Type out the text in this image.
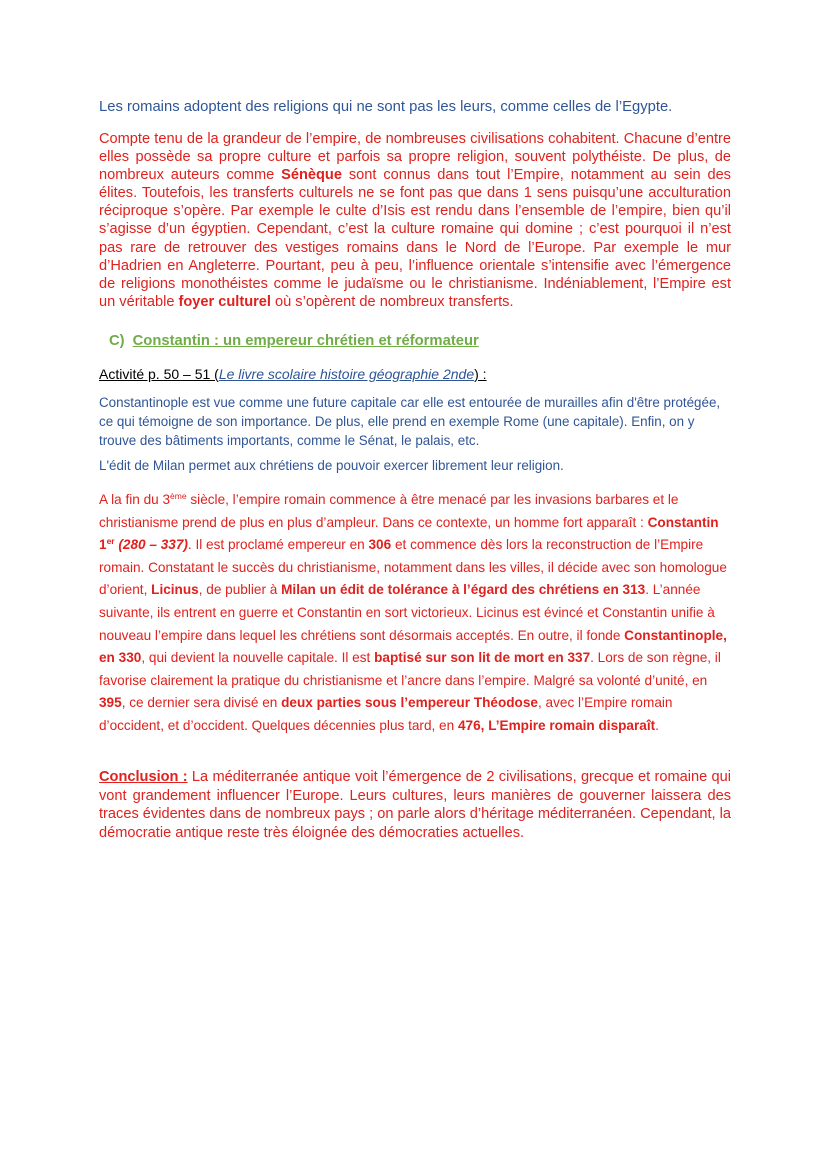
Les romains adoptent des religions qui ne sont pas les leurs, comme celles de l’Egypte.

Compte tenu de la grandeur de l’empire, de nombreuses civilisations cohabitent. Chacune d’entre elles possède sa propre culture et parfois sa propre religion, souvent polythéiste. De plus, de nombreux auteurs comme Sénèque sont connus dans tout l’Empire, notamment au sein des élites. Toutefois, les transferts culturels ne se font pas que dans 1 sens puisqu’une acculturation réciproque s’opère. Par exemple le culte d’Isis est rendu dans l’ensemble de l’empire, bien qu’il s’agisse d’un égyptien. Cependant, c’est la culture romaine qui domine ; c’est pourquoi il n’est pas rare de retrouver des vestiges romains dans le Nord de l’Europe. Par exemple le mur d’Hadrien en Angleterre. Pourtant, peu à peu, l’influence orientale s’intensifie avec l’émergence de religions monothéistes comme le judaïsme ou le christianisme. Indéniablement, l’Empire est un véritable foyer culturel où s’opèrent de nombreux transferts.

C) Constantin : un empereur chrétien et réformateur
Activité p. 50 – 51 (Le livre scolaire histoire géographie 2nde) :

Constantinople est vue comme une future capitale car elle est entourée de murailles afin d'être protégée, ce qui témoigne de son importance. De plus, elle prend en exemple Rome (une capitale). Enfin, on y trouve des bâtiments importants, comme le Sénat, le palais, etc.

L'édit de Milan permet aux chrétiens de pouvoir exercer librement leur religion.

A la fin du 3ème siècle, l’empire romain commence à être menacé par les invasions barbares et le christianisme prend de plus en plus d’ampleur. Dans ce contexte, un homme fort apparaît : Constantin 1er (280 – 337). Il est proclamé empereur en 306 et commence dès lors la reconstruction de l’Empire romain. Constatant le succès du christianisme, notamment dans les villes, il décide avec son homologue d’orient, Licinus, de publier à Milan un édit de tolérance à l’égard des chrétiens en 313. L’année suivante, ils entrent en guerre et Constantin en sort victorieux. Licinus est évincé et Constantin unifie à nouveau l’empire dans lequel les chrétiens sont désormais acceptés. En outre, il fonde Constantinople, en 330, qui devient la nouvelle capitale. Il est baptisé sur son lit de mort en 337. Lors de son règne, il favorise clairement la pratique du christianisme et l’ancre dans l’empire. Malgré sa volonté d’unité, en 395, ce dernier sera divisé en deux parties sous l’empereur Théodose, avec l’Empire romain d’occident, et d’occident. Quelques décennies plus tard, en 476, L’Empire romain disparaît.

Conclusion : La méditerranée antique voit l’émergence de 2 civilisations, grecque et romaine qui vont grandement influencer l’Europe. Leurs cultures, leurs manières de gouverner laissera des traces évidentes dans de nombreux pays ; on parle alors d’héritage méditerranéen. Cependant, la démocratie antique reste très éloignée des démocraties actuelles.
